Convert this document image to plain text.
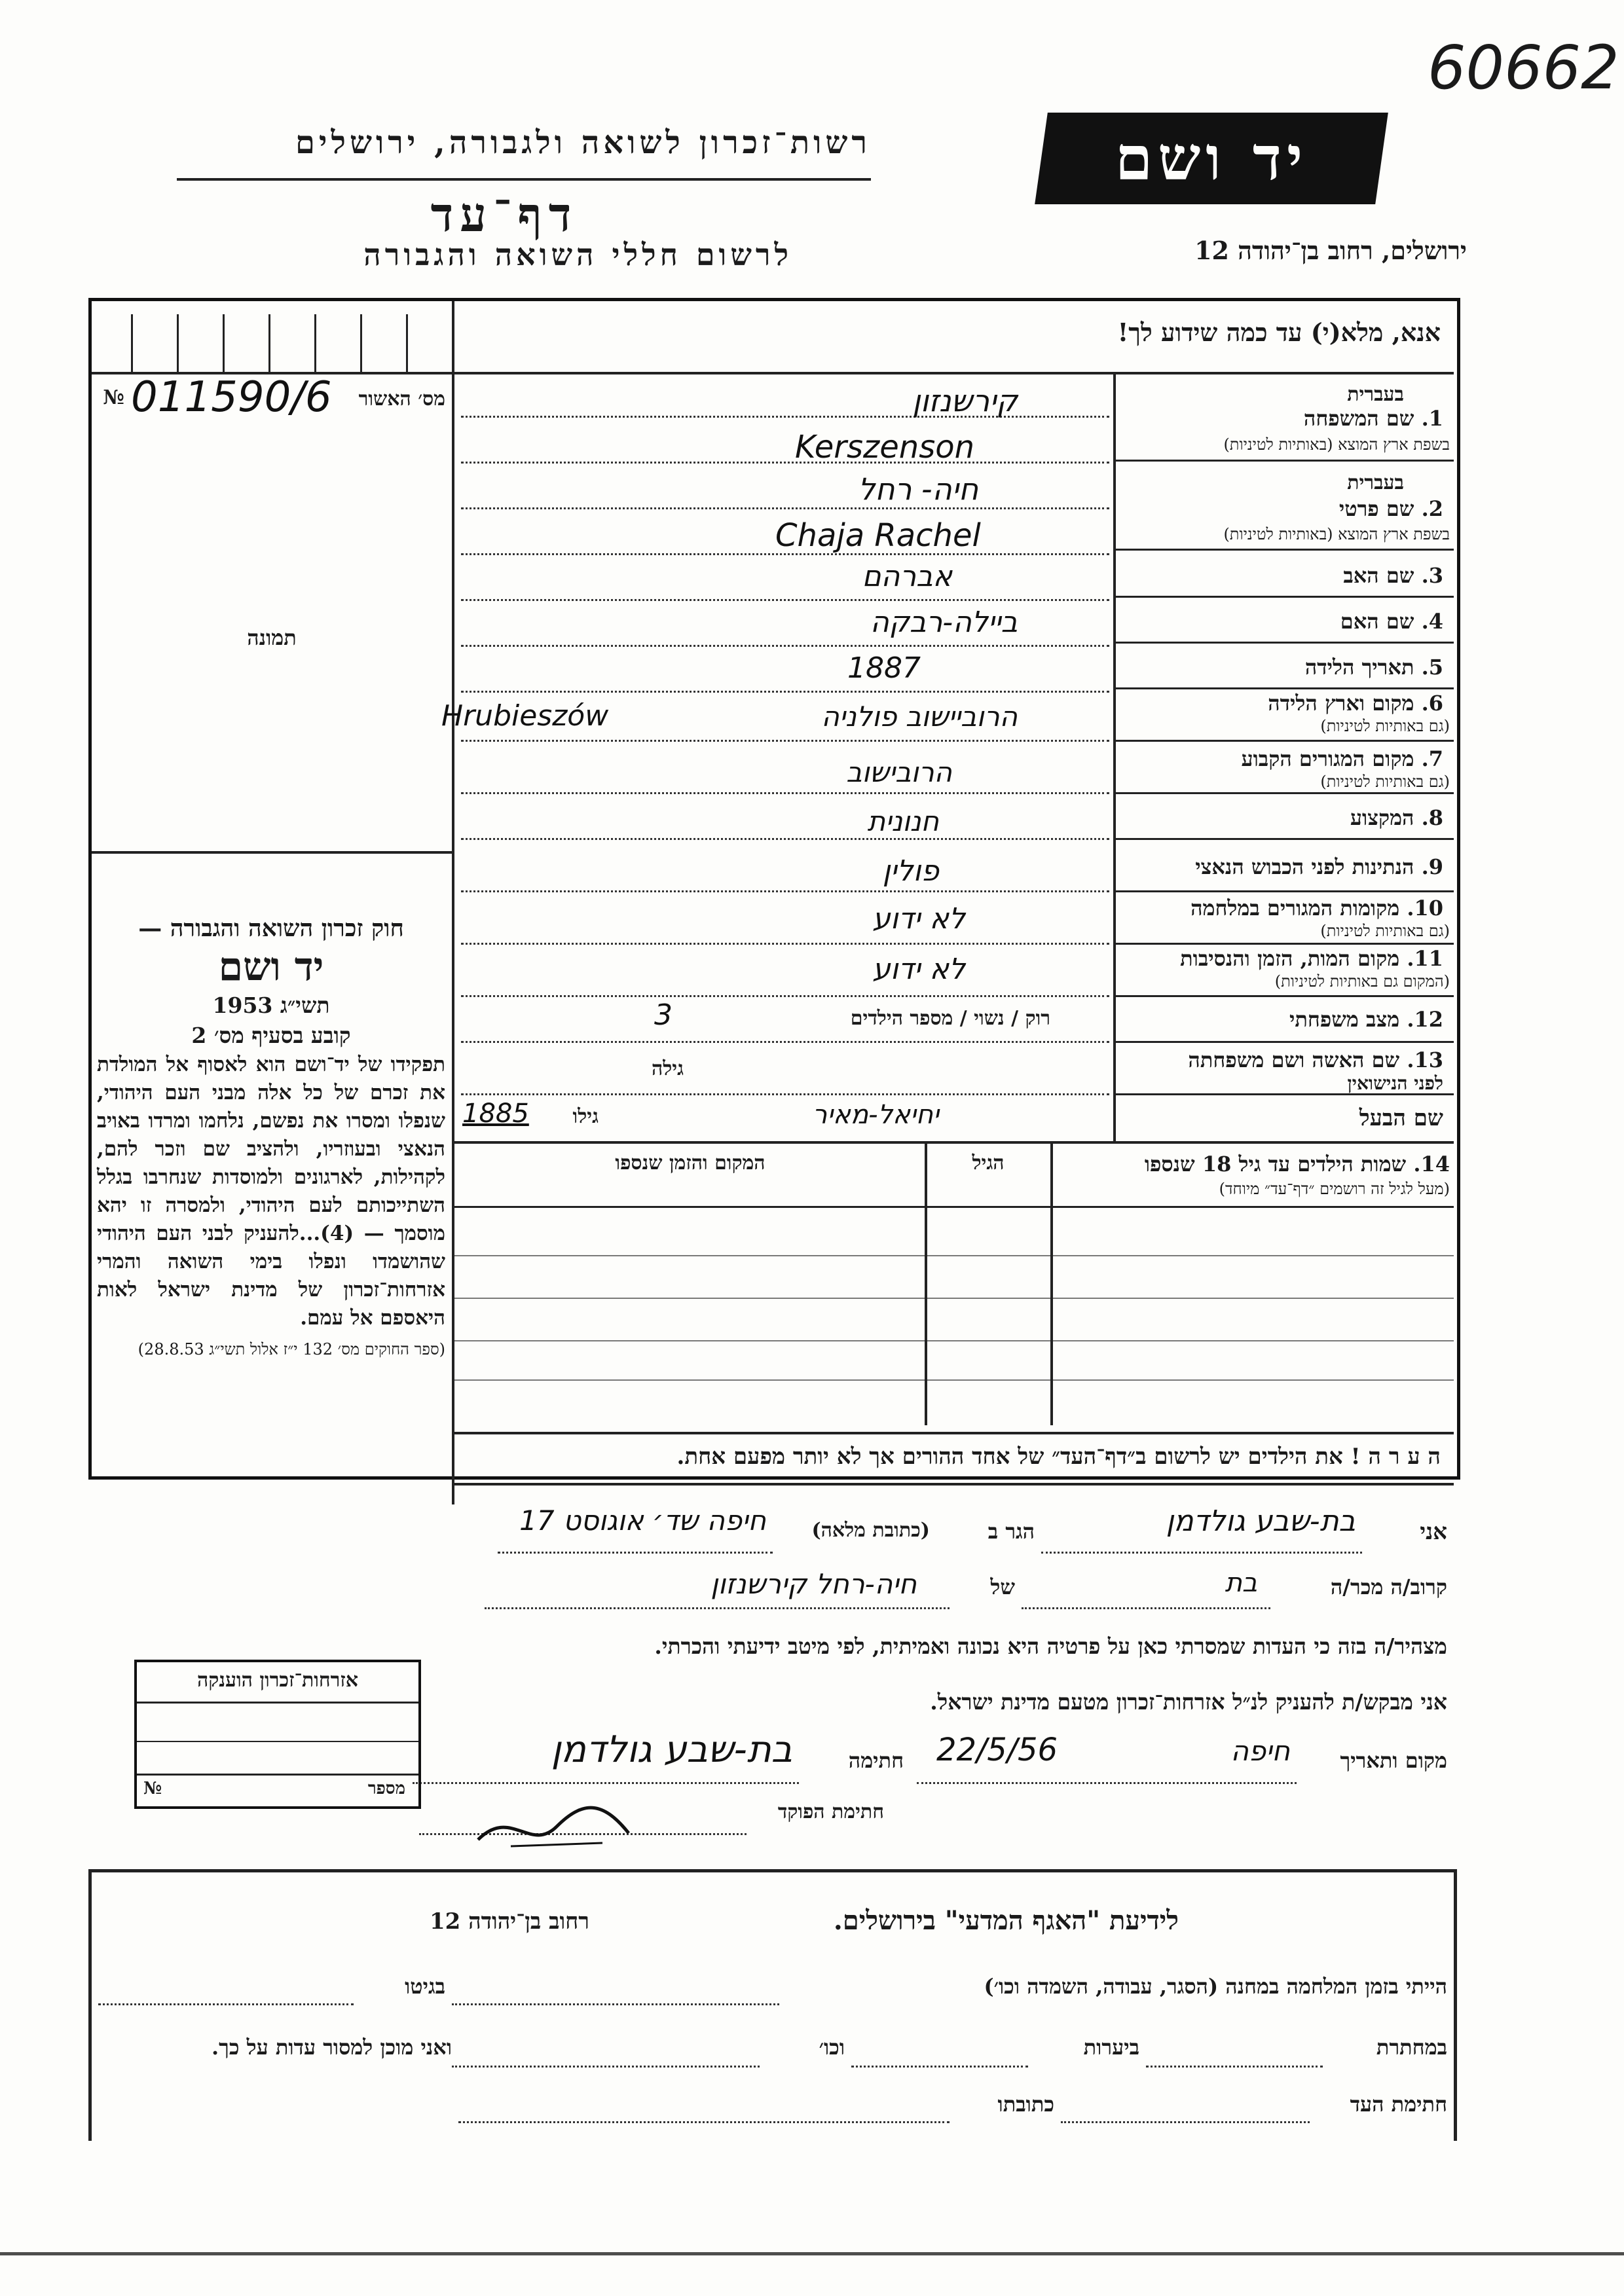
60662
רשות־זכרון לשואה ולגבורה, ירושלים
דף־עד
לרשום חללי השואה והגבורה
יד ושם
ירושלים, רחוב בן־יהודה 12
אנא, מלא(י) עד כמה שידוע לך!
№	מס׳ האשור
011590/6
תמונה
חוק זכרון השואה והגבורה —
יד ושם
תשי״ג 1953
קובע בסעיף מס׳ 2
תפקידו של יד־ושם הוא לאסוף אל המולדת את זכרם של כל אלה מבני העם היהודי, שנפלו ומסרו את נפשם, נלחמו ומרדו באויב הנאצי ובעוזריו, ולהציב שם וזכר להם, לקהילות, לארגונים ולמוסדות שנחרבו בגלל השתייכותם לעם היהודי, ולמסרה זו יהא מוסמך — (4)...להעניק לבני העם היהודי שהושמדו ונפלו בימי השואה והמרי אזרחות־זכרון של מדינת ישראל לאות היאספם אל עמם.
(ספר החוקים מס׳ 132 י״ז אלול תשי״ג 28.8.53)
בעברית
1. שם המשפחה
בשפת ארץ המוצא (באותיות לטיניות)
קירשנזון
Kerszenson
בעברית
2. שם פרטי
בשפת ארץ המוצא (באותיות לטיניות)
חיה- רחל
Chaja Rachel
3. שם האב
אברהם
4. שם האם
ביילה-רבקה
5. תאריך הלידה
1887
6. מקום וארץ הלידה
(גם באותיות לטיניות)
הרוביישוב פולניה
Hrubieszów
7. מקום המגורים הקבוע
(גם באותיות לטיניות)
הרובישוב
8. המקצוע
חנונית
9. הנתינות לפני הכבוש הנאצי
פולין
10. מקומות המגורים במלחמה
(גם באותיות לטיניות)
לא ידוע
11. מקום המות, הזמן והנסיבות
(המקום גם באותיות לטיניות)
לא ידוע
12. מצב משפחתי
רוק / נשוי / מספר הילדים
3
13. שם האשה ושם משפחתה
לפני הנישואין
גילה
שם הבעל
יחיאל-מאיר
גילו
1885
14. שמות הילדים עד גיל 18 שנספו
(מעל לגיל זה רושמים ״דף־עד״ מיוחד)
הגיל
המקום והזמן שנספו
ה ע ר ה ! את הילדים יש לרשום ב״דף־העד״ של אחד ההורים אך לא יותר מפעם אחת.
אני
בת-שבע גולדמן
הגר ב
(כתובת מלאה)
חיפה שד׳ אוגוסט 17
קרוב/ה מכר/ה
בת
של
חיה-רחל קירשנזון
מצהיר/ה בזה כי העדות שמסרתי כאן על פרטיה היא נכונה ואמיתית, לפי מיטב ידיעתי והכרתי.
אני מבקש/ת להעניק לנ״ל אזרחות־זכרון מטעם מדינת ישראל.
מקום ותאריך
חיפה
22/5/56
חתימה
בת-שבע גולדמן
חתימת הפוקד
אזרחות־זכרון הוענקה
מספר
№
לידיעת "האגף המדעי" בירושלים.
רחוב בן־יהודה 12
הייתי בזמן המלחמה במחנה (הסגר, עבודה, השמדה וכו׳)
בגיטו
במחתרת
ביערות
וכו׳
ואני מוכן למסור עדות על כך.
חתימת העד
כתובתו
